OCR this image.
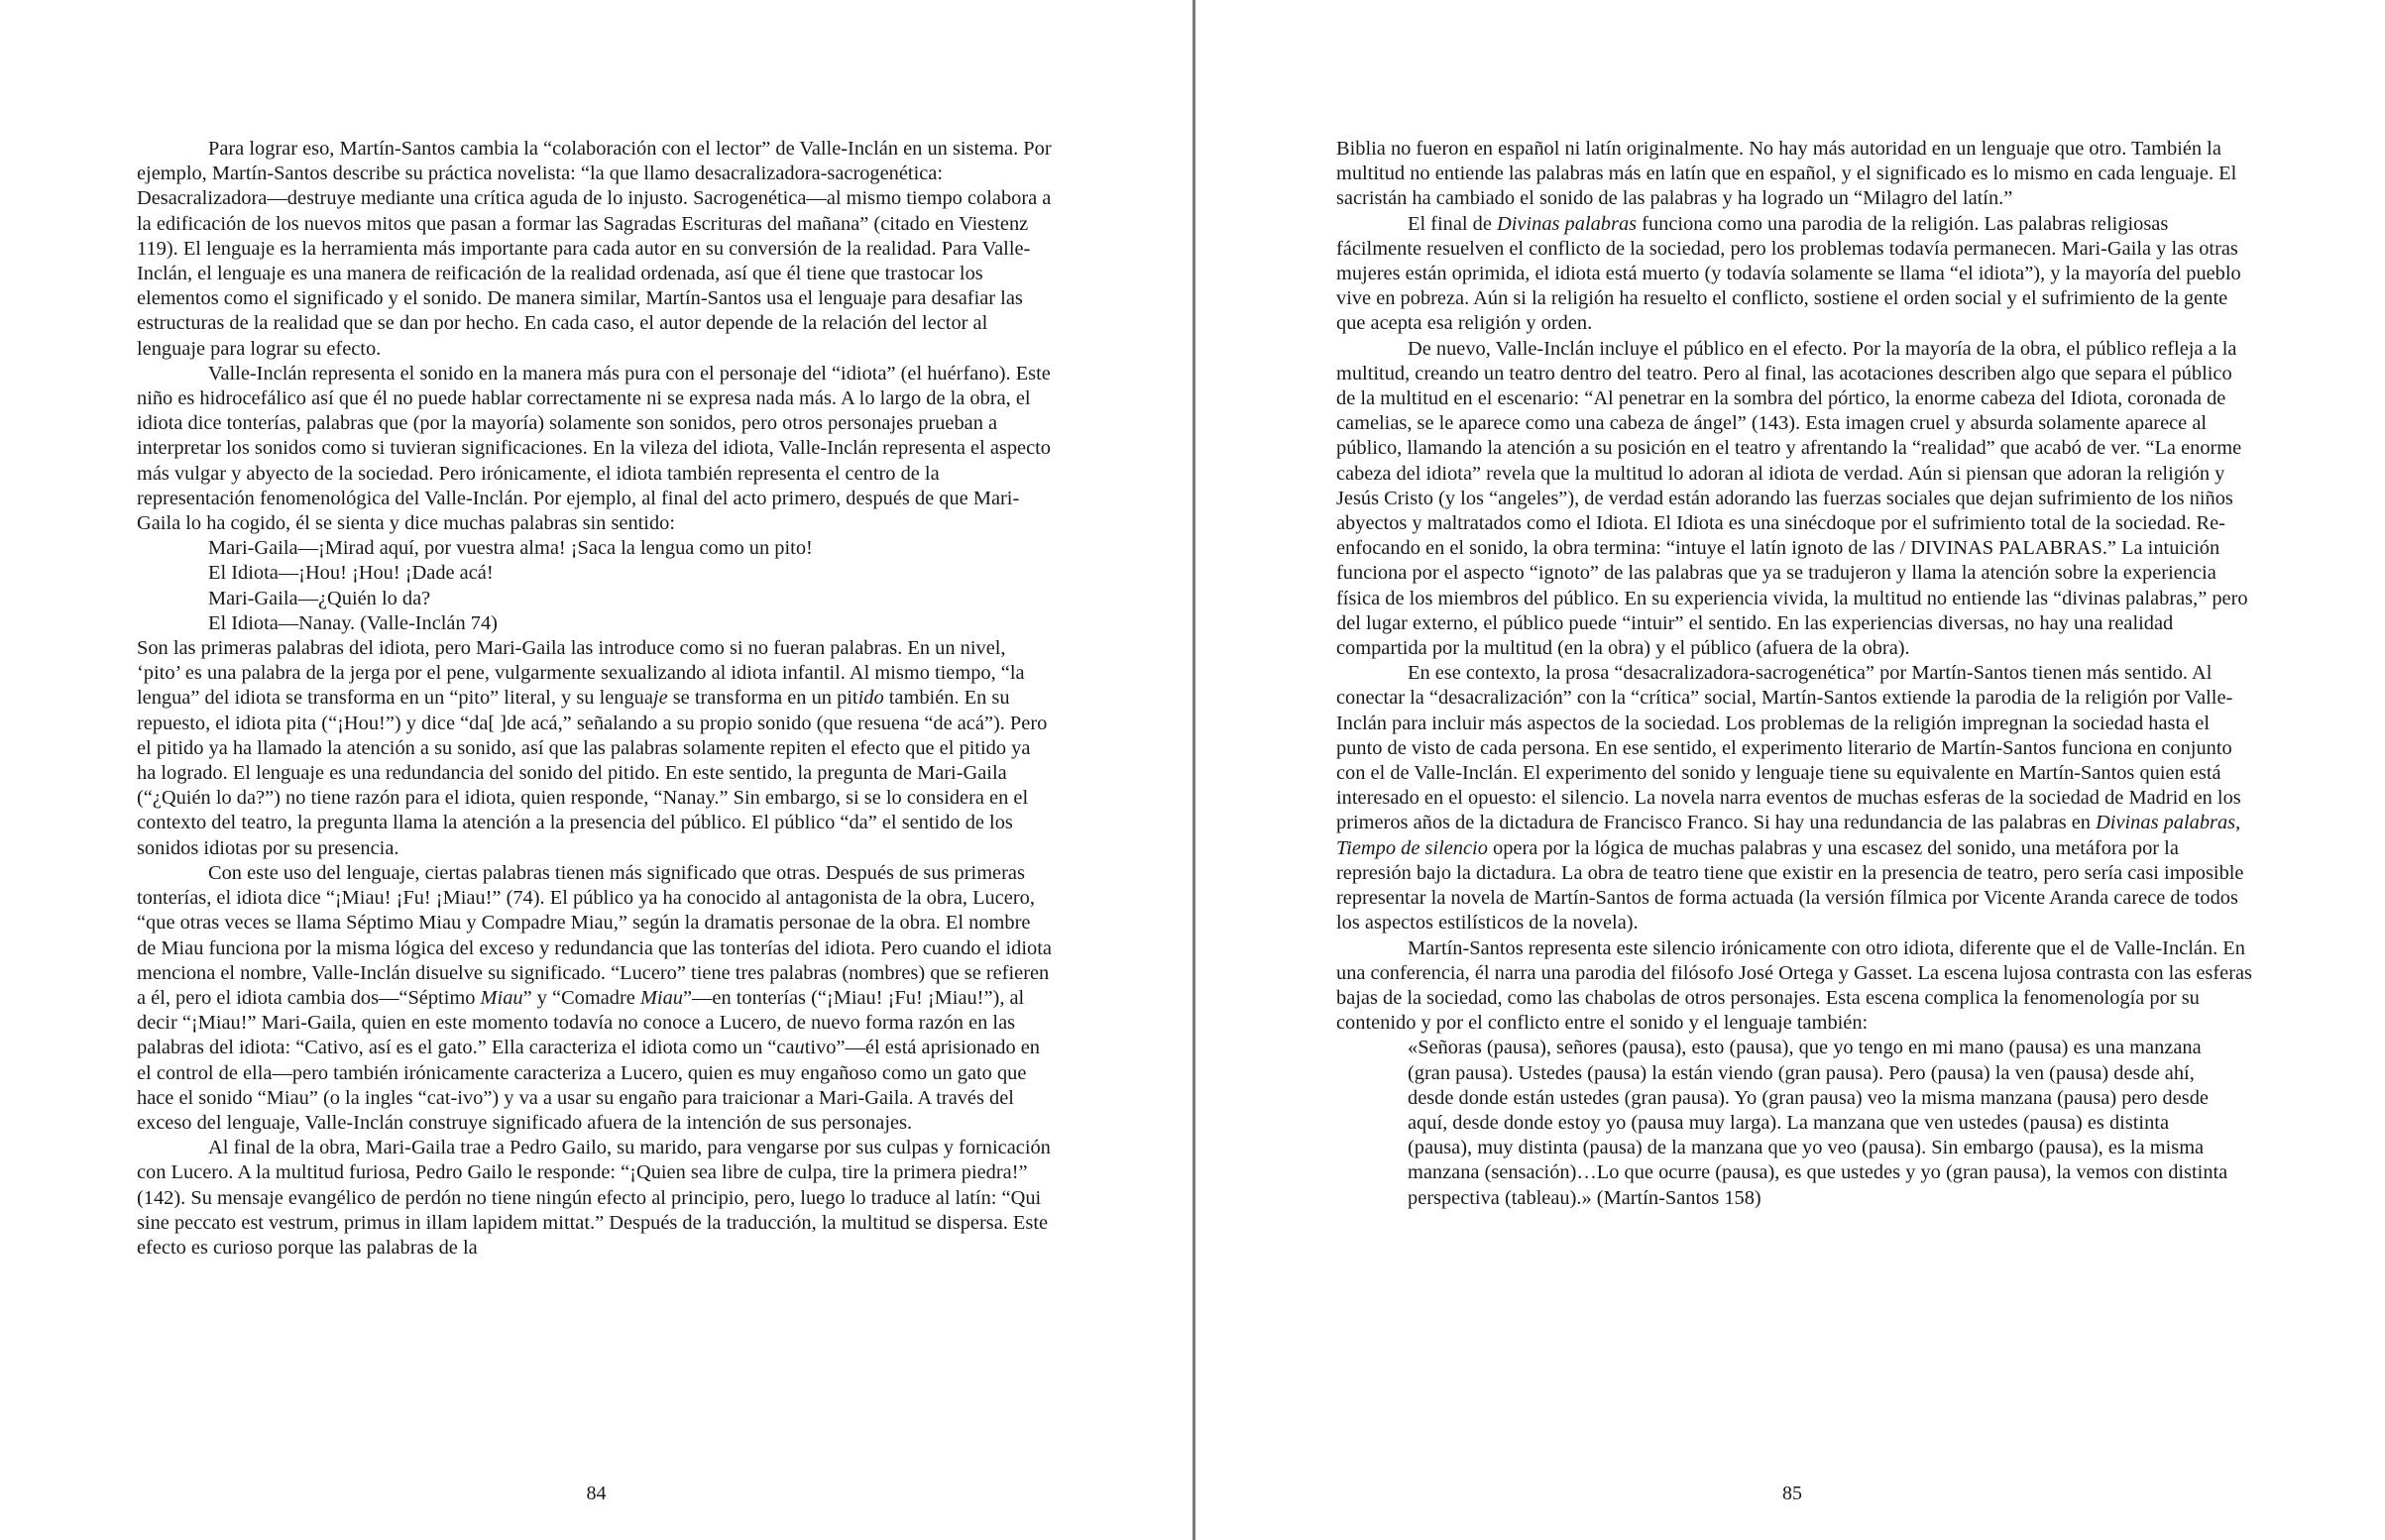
Para lograr eso, Martín-Santos cambia la “colaboración con el lector” de Valle-Inclán en un sistema. Por ejemplo, Martín-Santos describe su práctica novelista: “la que llamo desacralizadora-sacrogenética: Desacralizadora—destruye mediante una crítica aguda de lo injusto. Sacrogenética—al mismo tiempo colabora a la edificación de los nuevos mitos que pasan a formar las Sagradas Escrituras del mañana” (citado en Viestenz 119). El lenguaje es la herramienta más importante para cada autor en su conversión de la realidad. Para Valle-Inclán, el lenguaje es una manera de reificación de la realidad ordenada, así que él tiene que trastocar los elementos como el significado y el sonido. De manera similar, Martín-Santos usa el lenguaje para desafiar las estructuras de la realidad que se dan por hecho. En cada caso, el autor depende de la relación del lector al lenguaje para lograr su efecto.

Valle-Inclán representa el sonido en la manera más pura con el personaje del “idiota” (el huérfano). Este niño es hidrocefálico así que él no puede hablar correctamente ni se expresa nada más. A lo largo de la obra, el idiota dice tonterías, palabras que (por la mayoría) solamente son sonidos, pero otros personajes prueban a interpretar los sonidos como si tuvieran significaciones. En la vileza del idiota, Valle-Inclán representa el aspecto más vulgar y abyecto de la sociedad. Pero irónicamente, el idiota también representa el centro de la representación fenomenológica del Valle-Inclán. Por ejemplo, al final del acto primero, después de que Mari-Gaila lo ha cogido, él se sienta y dice muchas palabras sin sentido:

Mari-Gaila—¡Mirad aquí, por vuestra alma! ¡Saca la lengua como un pito!

El Idiota—¡Hou! ¡Hou! ¡Dade acá!

Mari-Gaila—¿Quién lo da?

El Idiota—Nanay. (Valle-Inclán 74)

Son las primeras palabras del idiota, pero Mari-Gaila las introduce como si no fueran palabras. En un nivel, ‘pito’ es una palabra de la jerga por el pene, vulgarmente sexualizando al idiota infantil. Al mismo tiempo, “la lengua” del idiota se transforma en un “pito” literal, y su lenguaje se transforma en un pitido también. En su repuesto, el idiota pita (“¡Hou!”) y dice “da[ ]de acá,” señalando a su propio sonido (que resuena “de acá”). Pero el pitido ya ha llamado la atención a su sonido, así que las palabras solamente repiten el efecto que el pitido ya ha logrado. El lenguaje es una redundancia del sonido del pitido. En este sentido, la pregunta de Mari-Gaila (“¿Quién lo da?”) no tiene razón para el idiota, quien responde, “Nanay.” Sin embargo, si se lo considera en el contexto del teatro, la pregunta llama la atención a la presencia del público. El público “da” el sentido de los sonidos idiotas por su presencia.

Con este uso del lenguaje, ciertas palabras tienen más significado que otras. Después de sus primeras tonterías, el idiota dice “¡Miau! ¡Fu! ¡Miau!” (74). El público ya ha conocido al antagonista de la obra, Lucero, “que otras veces se llama Séptimo Miau y Compadre Miau,” según la dramatis personae de la obra. El nombre de Miau funciona por la misma lógica del exceso y redundancia que las tonterías del idiota. Pero cuando el idiota menciona el nombre, Valle-Inclán disuelve su significado. “Lucero” tiene tres palabras (nombres) que se refieren a él, pero el idiota cambia dos—“Séptimo Miau” y “Comadre Miau”—en tonterías (“¡Miau! ¡Fu! ¡Miau!”), al decir “¡Miau!” Mari-Gaila, quien en este momento todavía no conoce a Lucero, de nuevo forma razón en las palabras del idiota: “Cativo, así es el gato.” Ella caracteriza el idiota como un “cautivo”—él está aprisionado en el control de ella—pero también irónicamente caracteriza a Lucero, quien es muy engañoso como un gato que hace el sonido “Miau” (o la ingles “cat-ivo”) y va a usar su engaño para traicionar a Mari-Gaila. A través del exceso del lenguaje, Valle-Inclán construye significado afuera de la intención de sus personajes.

Al final de la obra, Mari-Gaila trae a Pedro Gailo, su marido, para vengarse por sus culpas y fornicación con Lucero. A la multitud furiosa, Pedro Gailo le responde: “¡Quien sea libre de culpa, tire la primera piedra!” (142). Su mensaje evangélico de perdón no tiene ningún efecto al principio, pero, luego lo traduce al latín: “Qui sine peccato est vestrum, primus in illam lapidem mittat.” Después de la traducción, la multitud se dispersa. Este efecto es curioso porque las palabras de la

84

Biblia no fueron en español ni latín originalmente. No hay más autoridad en un lenguaje que otro. También la multitud no entiende las palabras más en latín que en español, y el significado es lo mismo en cada lenguaje. El sacristán ha cambiado el sonido de las palabras y ha logrado un “Milagro del latín.”

El final de Divinas palabras funciona como una parodia de la religión. Las palabras religiosas fácilmente resuelven el conflicto de la sociedad, pero los problemas todavía permanecen. Mari-Gaila y las otras mujeres están oprimida, el idiota está muerto (y todavía solamente se llama “el idiota”), y la mayoría del pueblo vive en pobreza. Aún si la religión ha resuelto el conflicto, sostiene el orden social y el sufrimiento de la gente que acepta esa religión y orden.

De nuevo, Valle-Inclán incluye el público en el efecto. Por la mayoría de la obra, el público refleja a la multitud, creando un teatro dentro del teatro. Pero al final, las acotaciones describen algo que separa el público de la multitud en el escenario: “Al penetrar en la sombra del pórtico, la enorme cabeza del Idiota, coronada de camelias, se le aparece como una cabeza de ángel” (143). Esta imagen cruel y absurda solamente aparece al público, llamando la atención a su posición en el teatro y afrentando la “realidad” que acabó de ver. “La enorme cabeza del idiota” revela que la multitud lo adoran al idiota de verdad. Aún si piensan que adoran la religión y Jesús Cristo (y los “angeles”), de verdad están adorando las fuerzas sociales que dejan sufrimiento de los niños abyectos y maltratados como el Idiota. El Idiota es una sinécdoque por el sufrimiento total de la sociedad. Re-enfocando en el sonido, la obra termina: “intuye el latín ignoto de las / DIVINAS PALABRAS.” La intuición funciona por el aspecto “ignoto” de las palabras que ya se tradujeron y llama la atención sobre la experiencia física de los miembros del público. En su experiencia vivida, la multitud no entiende las “divinas palabras,” pero del lugar externo, el público puede “intuir” el sentido. En las experiencias diversas, no hay una realidad compartida por la multitud (en la obra) y el público (afuera de la obra).

En ese contexto, la prosa “desacralizadora-sacrogenética” por Martín-Santos tienen más sentido. Al conectar la “desacralización” con la “crítica” social, Martín-Santos extiende la parodia de la religión por Valle-Inclán para incluir más aspectos de la sociedad. Los problemas de la religión impregnan la sociedad hasta el punto de visto de cada persona. En ese sentido, el experimento literario de Martín-Santos funciona en conjunto con el de Valle-Inclán. El experimento del sonido y lenguaje tiene su equivalente en Martín-Santos quien está interesado en el opuesto: el silencio. La novela narra eventos de muchas esferas de la sociedad de Madrid en los primeros años de la dictadura de Francisco Franco. Si hay una redundancia de las palabras en Divinas palabras, Tiempo de silencio opera por la lógica de muchas palabras y una escasez del sonido, una metáfora por la represión bajo la dictadura. La obra de teatro tiene que existir en la presencia de teatro, pero sería casi imposible representar la novela de Martín-Santos de forma actuada (la versión fílmica por Vicente Aranda carece de todos los aspectos estilísticos de la novela).

Martín-Santos representa este silencio irónicamente con otro idiota, diferente que el de Valle-Inclán. En una conferencia, él narra una parodia del filósofo José Ortega y Gasset. La escena lujosa contrasta con las esferas bajas de la sociedad, como las chabolas de otros personajes. Esta escena complica la fenomenología por su contenido y por el conflicto entre el sonido y el lenguaje también:

«Señoras (pausa), señores (pausa), esto (pausa), que yo tengo en mi mano (pausa) es una manzana (gran pausa). Ustedes (pausa) la están viendo (gran pausa). Pero (pausa) la ven (pausa) desde ahí, desde donde están ustedes (gran pausa). Yo (gran pausa) veo la misma manzana (pausa) pero desde aquí, desde donde estoy yo (pausa muy larga). La manzana que ven ustedes (pausa) es distinta (pausa), muy distinta (pausa) de la manzana que yo veo (pausa). Sin embargo (pausa), es la misma manzana (sensación)…Lo que ocurre (pausa), es que ustedes y yo (gran pausa), la vemos con distinta perspectiva (tableau).» (Martín-Santos 158)

85
